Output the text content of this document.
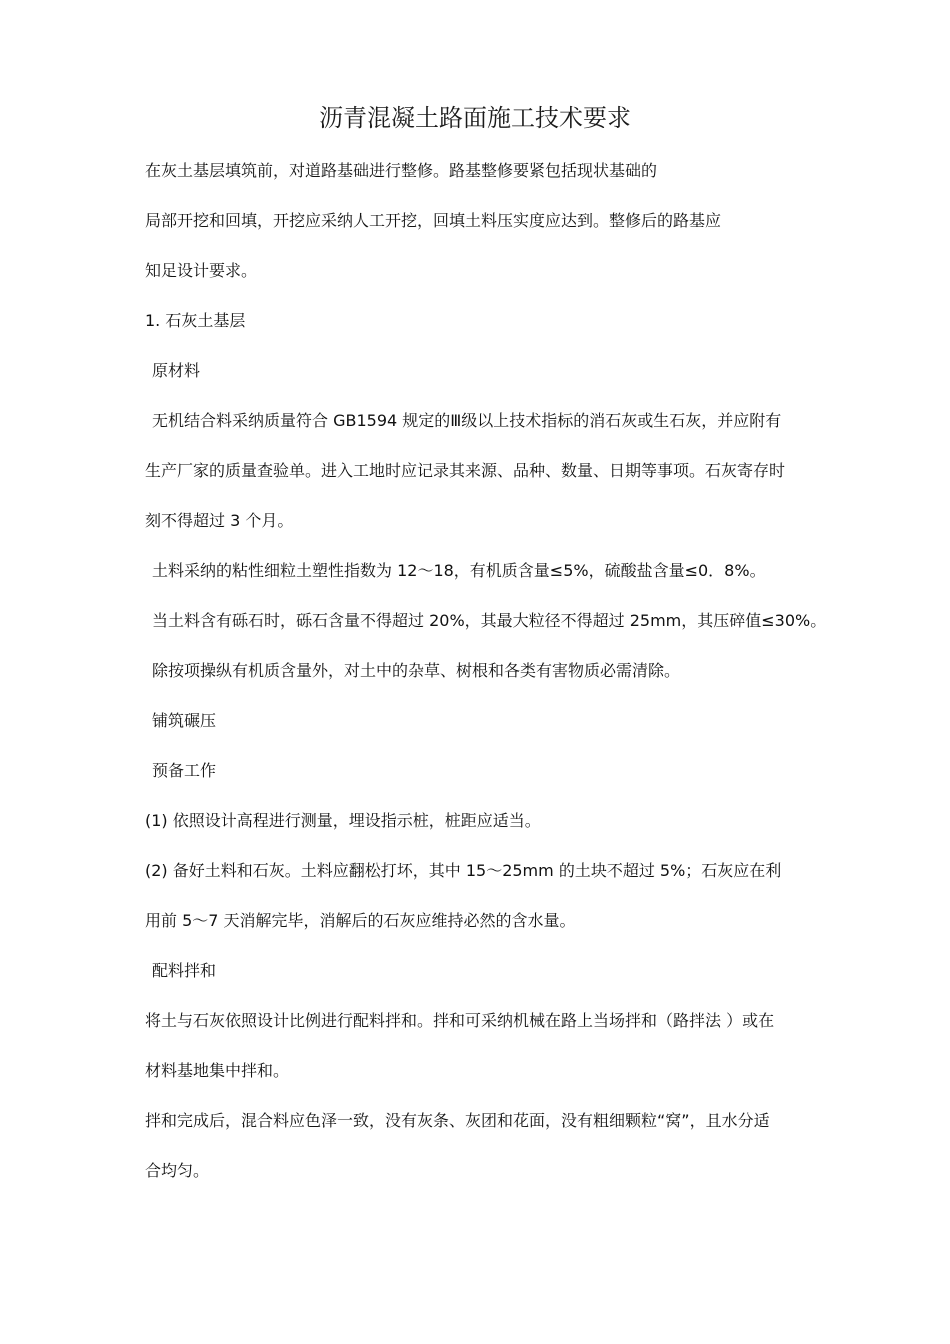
沥青混凝土路面施工技术要求
在灰土基层填筑前，对道路基础进行整修。路基整修要紧包括现状基础的
局部开挖和回填，开挖应采纳人工开挖，回填土料压实度应达到。整修后的路基应
知足设计要求。
1. 石灰土基层
原材料
无机结合料采纳质量符合 GB1594 规定的Ⅲ级以上技术指标的消石灰或生石灰，并应附有
生产厂家的质量查验单。进入工地时应记录其来源、品种、数量、日期等事项。石灰寄存时
刻不得超过 3 个月。
土料采纳的粘性细粒土塑性指数为 12～18，有机质含量≤5%，硫酸盐含量≤0．8%。
当土料含有砾石时，砾石含量不得超过 20%，其最大粒径不得超过 25mm，其压碎值≤30%。
除按项操纵有机质含量外，对土中的杂草、树根和各类有害物质必需清除。
铺筑碾压
预备工作
(1) 依照设计高程进行测量，埋设指示桩，桩距应适当。
(2) 备好土料和石灰。土料应翻松打坏，其中 15～25mm 的土块不超过 5%；石灰应在利
用前 5～7 天消解完毕，消解后的石灰应维持必然的含水量。
配料拌和
将土与石灰依照设计比例进行配料拌和。拌和可采纳机械在路上当场拌和（路拌法 ）或在
材料基地集中拌和。
拌和完成后，混合料应色泽一致，没有灰条、灰团和花面，没有粗细颗粒“窝”，且水分适
合均匀。
